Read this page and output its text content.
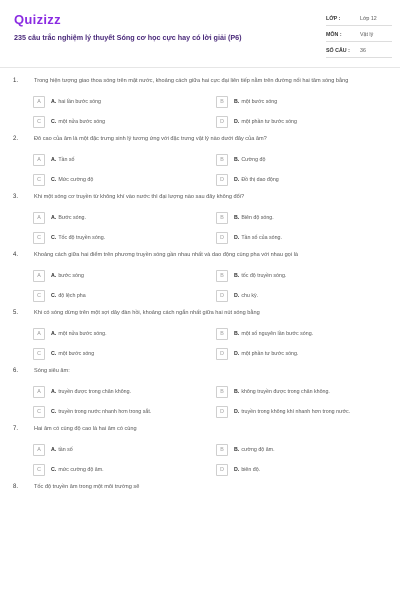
Quizizz
235 câu trắc nghiệm lý thuyết Sóng cơ học cực hay có lời giải (P6)
LỚP :	Lớp 12
MÔN :	Vật lý
SỐ CÂU :	36
1.	Trong hiện tượng giao thoa sóng trên mặt nước, khoảng cách giữa hai cực đại liên tiếp nằm trên đường nối hai tâm sóng bằng
A	A. hai lần bước sóng	B	B. một bước sóng
C	C. một nửa bước sóng	D	D. một phần tư bước sóng
2.	Đô cao của âm là một đặc trưng sinh lý tương ứng với đặc trưng vật lý nào dưới đây của âm?
A	A. Tần số	B	B. Cường độ
C	C. Mức cường độ	D	D. Đồ thị dao động
3.	Khi một sóng cơ truyền từ không khí vào nước thì đại lượng nào sau đây không đổi?
A	A. Bước sóng.	B	B. Biên độ sóng.
C	C. Tốc độ truyền sóng.	D	D. Tần số của sóng.
4.	Khoảng cách giữa hai điểm trên phương truyền sóng gần nhau nhất và dao động cùng pha với nhau gọi là
A	A. bước sóng	B	B. tốc độ truyền sóng.
C	C. độ lệch pha	D	D. chu kỳ.
5.	Khi có sóng dừng trên một sợi dây đàn hồi, khoảng cách ngắn nhất giữa hai nút sóng bằng
A	A. một nửa bước sóng.	B	B. một số nguyên lần bước sóng.
C	C. một bước sóng	D	D. một phần tư bước sóng.
6.	Sóng siêu âm:
A	A. truyền được trong chân không.	B	B. không truyền được trong chân không.
C	C. truyền trong nước nhanh hơn trong sắt.	D	D. truyền trong không khí nhanh hơn trong nước.
7.	Hai âm có cùng độ cao là hai âm có cùng
A	A. tần số	B	B. cường độ âm.
C	C. mức cường độ âm.	D	D. biên độ.
8.	Tốc độ truyền âm trong một môi trường sẽ
